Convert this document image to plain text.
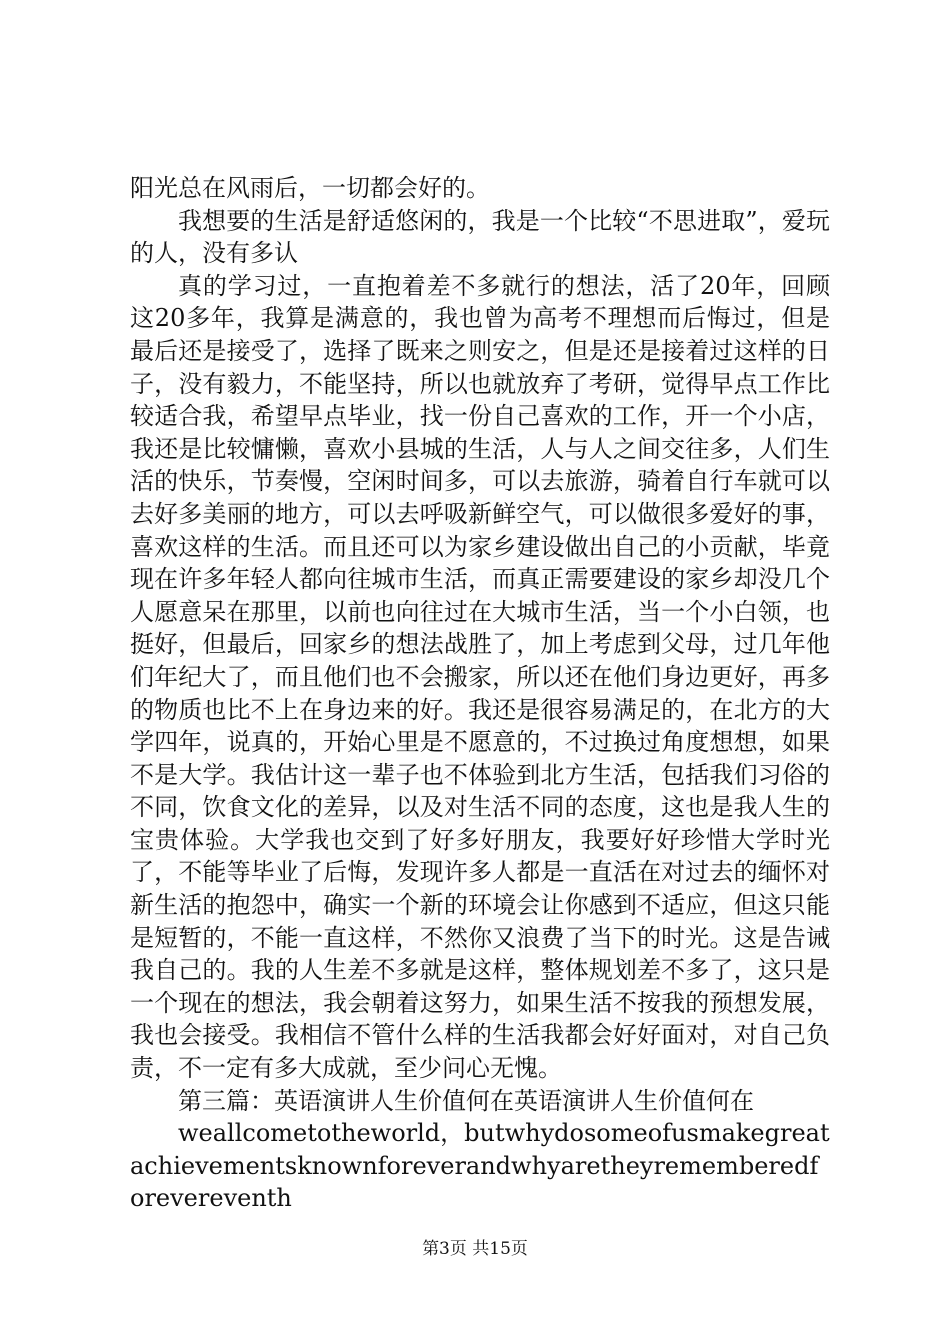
阳光总在风雨后，一切都会好的。

我想要的生活是舒适悠闲的，我是一个比较“不思进取”，爱玩的人，没有多认

真的学习过，一直抱着差不多就行的想法，活了20年，回顾这20多年，我算是满意的，我也曾为高考不理想而后悔过，但是最后还是接受了，选择了既来之则安之，但是还是接着过这样的日子，没有毅力，不能坚持，所以也就放弃了考研，觉得早点工作比较适合我，希望早点毕业，找一份自己喜欢的工作，开一个小店，我还是比较慵懒，喜欢小县城的生活，人与人之间交往多，人们生活的快乐，节奏慢，空闲时间多，可以去旅游，骑着自行车就可以去好多美丽的地方，可以去呼吸新鲜空气，可以做很多爱好的事，喜欢这样的生活。而且还可以为家乡建设做出自己的小贡献，毕竟现在许多年轻人都向往城市生活，而真正需要建设的家乡却没几个人愿意呆在那里，以前也向往过在大城市生活，当一个小白领，也挺好，但最后，回家乡的想法战胜了，加上考虑到父母，过几年他们年纪大了，而且他们也不会搬家，所以还在他们身边更好，再多的物质也比不上在身边来的好。我还是很容易满足的，在北方的大学四年，说真的，开始心里是不愿意的，不过换过角度想想，如果不是大学。我估计这一辈子也不体验到北方生活，包括我们习俗的不同，饮食文化的差异，以及对生活不同的态度，这也是我人生的宝贵体验。大学我也交到了好多好朋友，我要好好珍惜大学时光了，不能等毕业了后悔，发现许多人都是一直活在对过去的缅怀对新生活的抱怨中，确实一个新的环境会让你感到不适应，但这只能是短暂的，不能一直这样，不然你又浪费了当下的时光。这是告诫我自己的。我的人生差不多就是这样，整体规划差不多了，这只是一个现在的想法，我会朝着这努力，如果生活不按我的预想发展，我也会接受。我相信不管什么样的生活我都会好好面对，对自己负责，不一定有多大成就，至少问心无愧。

第三篇：英语演讲人生价值何在英语演讲人生价值何在

weallcometotheworld，butwhydosomeofusmakegreatachievementsknownforeverandwhyaretheyrememberedforevereventh

第3页 共15页
